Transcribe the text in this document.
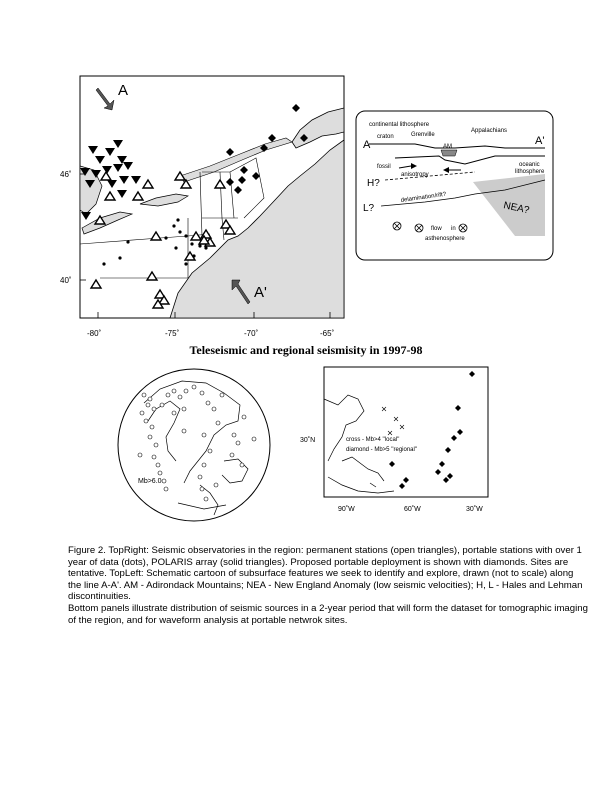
A
A'
46˚
40˚
-80˚	-75˚	-70˚	-65˚
continental lithosphere
craton	Grenville
Appalachians
AM
A	A'
oceanic
lithosphere
fossil
anisotropy
H?
L?
delamination/rift?
NEA?
flow in
asthenosphere
Teleseismic and regional seismisity in 1997-98
Mb>6.0
cross - Mb>4 ''local''
diamond - Mb>5 ''regional''
30˚N
90˚W	60˚W	30˚W

Figure 2. TopRight: Seismic observatories in the region: permanent stations (open triangles), portable stations with over 1 year of data (dots), POLARIS array (solid triangles). Proposed portable deployment is shown with diamonds. Sites are tentative. TopLeft: Schematic cartoon of subsurface features we seek to identify and explore, drawn (not to scale) along the line A-A'. AM - Adirondack Mountains; NEA - New England Anomaly (low seismic velocities); H, L - Hales and Lehman discontinuities.

Bottom panels illustrate distribution of seismic sources in a 2-year period that will form the dataset for tomographic imaging of the region, and for waveform analysis at portable netwrok sites.
